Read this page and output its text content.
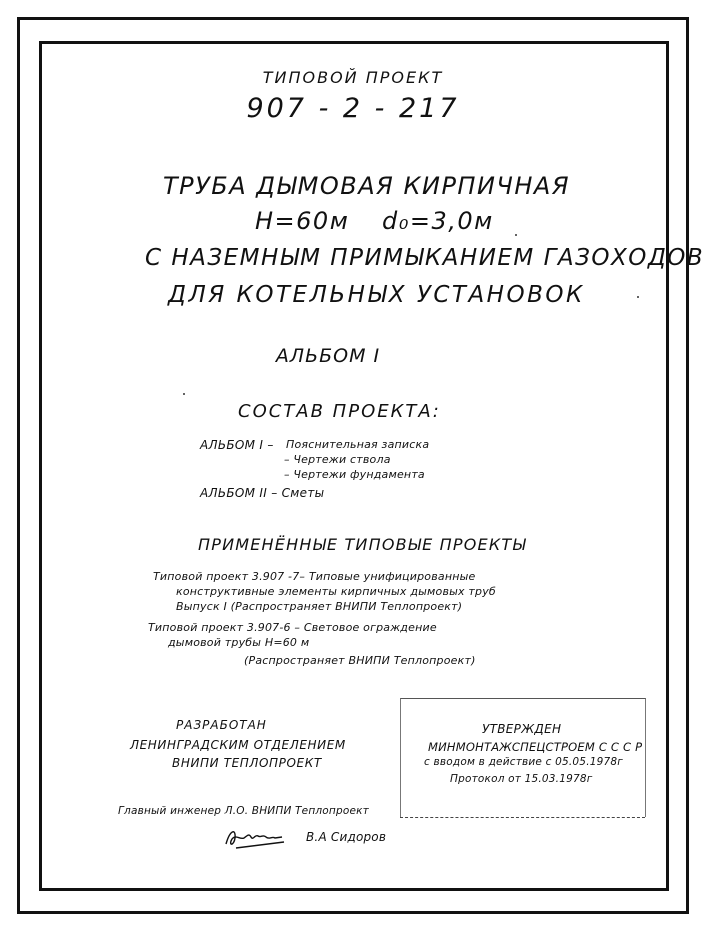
ТИПОВОЙ ПРОЕКТ
907 - 2 - 217
ТРУБА ДЫМОВАЯ КИРПИЧНАЯ
H=60м d₀=3,0м
С НАЗЕМНЫМ ПРИМЫКАНИЕМ ГАЗОХОДОВ
ДЛЯ КОТЕЛЬНЫХ УСТАНОВОК
АЛЬБОМ I
СОСТАВ ПРОЕКТА:
АЛЬБОМ I – Пояснительная записка
– Чертежи ствола
– Чертежи фундамента
АЛЬБОМ II – Сметы
ПРИМЕНЁННЫЕ ТИПОВЫЕ ПРОЕКТЫ
Типовой проект 3.907 -7– Типовые унифицированные
конструктивные элементы кирпичных дымовых труб
Выпуск I (Распространяет ВНИПИ Теплопроект)
Типовой проект 3.907-6 – Световое ограждение
дымовой трубы H=60 м
(Распространяет ВНИПИ Теплопроект)
РАЗРАБОТАН
ЛЕНИНГРАДСКИМ ОТДЕЛЕНИЕМ
ВНИПИ ТЕПЛОПРОЕКТ
УТВЕРЖДЕН
МИНМОНТАЖСПЕЦСТРОЕМ С С С Р
с вводом в действие с 05.05.1978г
Протокол от 15.03.1978г
Главный инженер Л.О. ВНИПИ Теплопроект
В.А Сидоров
